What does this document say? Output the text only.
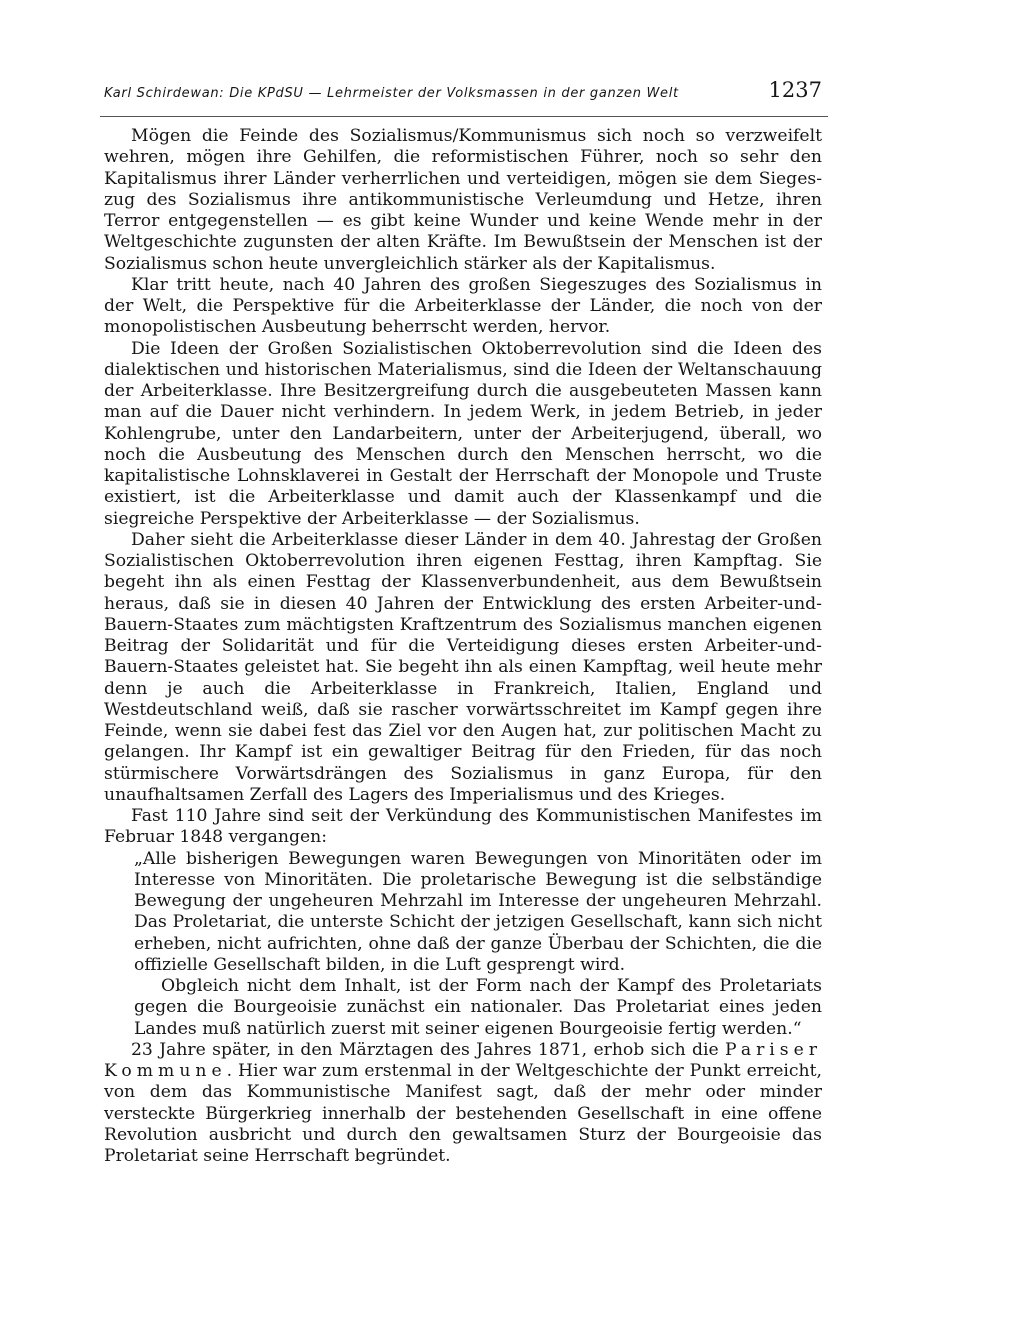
Karl Schirdewan: Die KPdSU — Lehrmeister der Volksmassen in der ganzen Welt	1237

Mögen die Feinde des Sozialismus/Kommunismus sich noch so verzweifelt wehren, mögen ihre Gehilfen, die reformistischen Führer, noch so sehr den Kapitalismus ihrer Länder verherrlichen und verteidigen, mögen sie dem Siegeszug des Sozialismus ihre antikommunistische Verleumdung und Hetze, ihren Terror entgegenstellen — es gibt keine Wunder und keine Wende mehr in der Weltgeschichte zugunsten der alten Kräfte. Im Bewußtsein der Menschen ist der Sozialismus schon heute unvergleichlich stärker als der Kapitalismus.

Klar tritt heute, nach 40 Jahren des großen Siegeszuges des Sozialismus in der Welt, die Perspektive für die Arbeiterklasse der Länder, die noch von der monopolistischen Ausbeutung beherrscht werden, hervor.

Die Ideen der Großen Sozialistischen Oktoberrevolution sind die Ideen des dialektischen und historischen Materialismus, sind die Ideen der Weltanschauung der Arbeiterklasse. Ihre Besitzergreifung durch die ausgebeuteten Massen kann man auf die Dauer nicht verhindern. In jedem Werk, in jedem Betrieb, in jeder Kohlengrube, unter den Landarbeitern, unter der Arbeiterjugend, überall, wo noch die Ausbeutung des Menschen durch den Menschen herrscht, wo die kapitalistische Lohnsklaverei in Gestalt der Herrschaft der Monopole und Truste existiert, ist die Arbeiterklasse und damit auch der Klassenkampf und die siegreiche Perspektive der Arbeiterklasse — der Sozialismus.

Daher sieht die Arbeiterklasse dieser Länder in dem 40. Jahrestag der Großen Sozialistischen Oktoberrevolution ihren eigenen Festtag, ihren Kampftag. Sie begeht ihn als einen Festtag der Klassenverbundenheit, aus dem Bewußtsein heraus, daß sie in diesen 40 Jahren der Entwicklung des ersten Arbeiter-und-Bauern-Staates zum mächtigsten Kraftzentrum des Sozialismus manchen eigenen Beitrag der Solidarität und für die Verteidigung dieses ersten Arbeiter-und-Bauern-Staates geleistet hat. Sie begeht ihn als einen Kampftag, weil heute mehr denn je auch die Arbeiterklasse in Frankreich, Italien, England und Westdeutschland weiß, daß sie rascher vorwärtsschreitet im Kampf gegen ihre Feinde, wenn sie dabei fest das Ziel vor den Augen hat, zur politischen Macht zu gelangen. Ihr Kampf ist ein gewaltiger Beitrag für den Frieden, für das noch stürmischere Vorwärtsdrängen des Sozialismus in ganz Europa, für den unaufhaltsamen Zerfall des Lagers des Imperialismus und des Krieges.

Fast 110 Jahre sind seit der Verkündung des Kommunistischen Manifestes im Februar 1848 vergangen:

„Alle bisherigen Bewegungen waren Bewegungen von Minoritäten oder im Interesse von Minoritäten. Die proletarische Bewegung ist die selbständige Bewegung der ungeheuren Mehrzahl im Interesse der ungeheuren Mehrzahl. Das Proletariat, die unterste Schicht der jetzigen Gesellschaft, kann sich nicht erheben, nicht aufrichten, ohne daß der ganze Überbau der Schichten, die die offizielle Gesellschaft bilden, in die Luft gesprengt wird.

Obgleich nicht dem Inhalt, ist der Form nach der Kampf des Proletariats gegen die Bourgeoisie zunächst ein nationaler. Das Proletariat eines jeden Landes muß natürlich zuerst mit seiner eigenen Bourgeoisie fertig werden.“

23 Jahre später, in den Märztagen des Jahres 1871, erhob sich die Pariser Kommune. Hier war zum erstenmal in der Weltgeschichte der Punkt erreicht, von dem das Kommunistische Manifest sagt, daß der mehr oder minder versteckte Bürgerkrieg innerhalb der bestehenden Gesellschaft in eine offene Revolution ausbricht und durch den gewaltsamen Sturz der Bourgeoisie das Proletariat seine Herrschaft begründet.
